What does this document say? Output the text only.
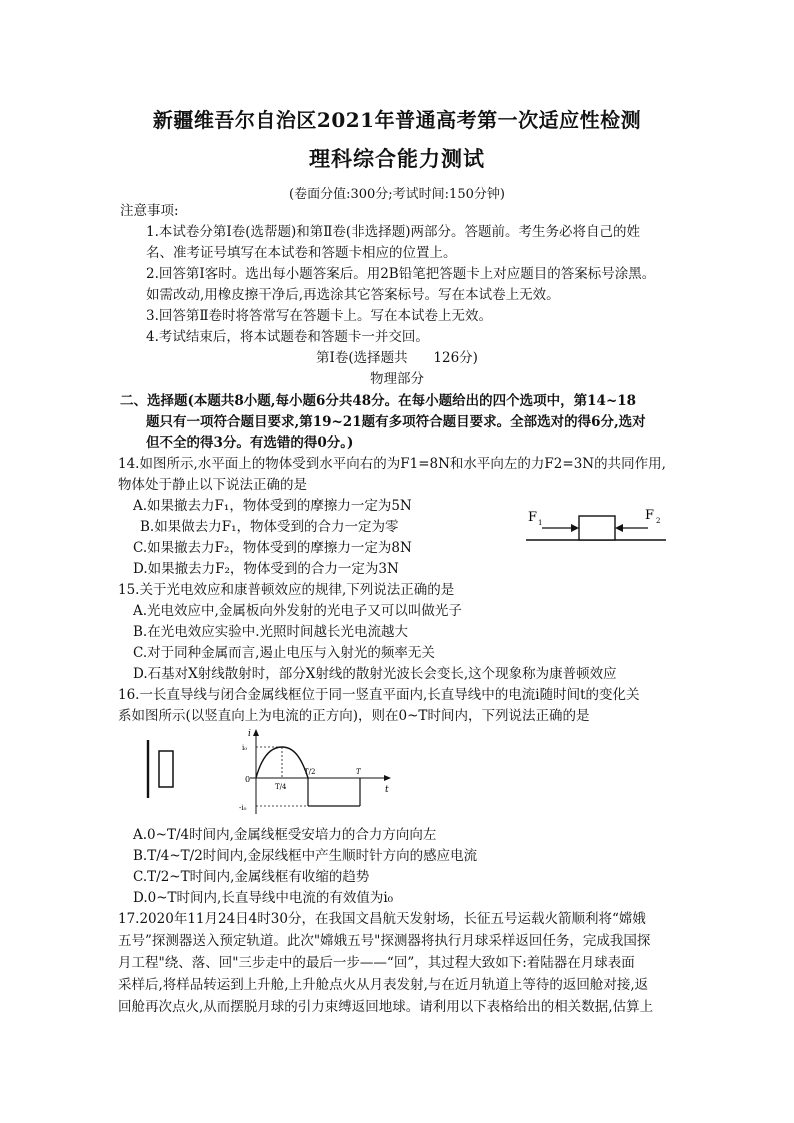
新疆维吾尔自治区2021年普通高考第一次适应性检测
理科综合能力测试
(卷面分值:300分;考试时间:150分钟)
注意事项:
1.本试卷分第Ⅰ卷(选帮题)和第Ⅱ卷(非选择题)两部分。答题前。考生务必将自己的姓
名、准考证号填写在本试卷和答题卡相应的位置上。
2.回答第Ⅰ客时。选出每小题答案后。用2B铅笔把答题卡上对应题目的答案标号涂黑。
如需改动,用橡皮擦干净后,再选涂其它答案标号。写在本试卷上无效。
3.回答第Ⅱ卷时将答常写在答题卡上。写在本试卷上无效。
4.考试结束后，将本试题卷和答题卡一并交回。
第Ⅰ卷(选择题共      126分)
物理部分
二、选择题(本题共8小题,每小题6分共48分。在每小题给出的四个选项中，第14~18
题只有一项符合题目要求,第19~21题有多项符合题目要求。全部选对的得6分,选对
但不全的得3分。有选错的得0分。)
14.如图所示,水平面上的物体受到水平向右的为F1=8N和水平向左的力F2=3N的共同作用,
物体处于静止以下说法正确的是
A.如果撤去力F₁，物体受到的摩擦力一定为5N
B.如果做去力F₁，物体受到的合力一定为零
C.如果撤去力F₂，物体受到的摩擦力一定为8N
D.如果撤去力F₂，物体受到的合力一定为3N
F 1	F 2
15.关于光电效应和康普顿效应的规律,下列说法正确的是
A.光电效应中,金属板向外发射的光电子又可以叫做光子
B.在光电效应实验中.光照时间越长光电流越大
C.对于同种金属而言,遏止电压与入射光的频率无关
D.石基对X射线散射时，部分X射线的散射光波长会变长,这个现象称为康普顿效应
16.一长直导线与闭合金属线框位于同一竖直平面内,长直导线中的电流i随时间t的变化关
系如图所示(以竖直向上为电流的正方向)，则在0~T时间内，下列说法正确的是
i
t
i₀
-i₀
0
T/4
T/2	T
A.0~T/4时间内,金属线框受安培力的合力方向向左
B.T/4~T/2时间内,金尿线框中产生顺时针方向的感应电流
C.T/2~T时间内,金属线框有收缩的趋势
D.0~T时间内,长直导线中电流的有效值为i₀
17.2020年11月24日4时30分，在我国文昌航天发射场，长征五号运载火箭顺利将“嫦娥
五号”探测器送入预定轨道。此次"嫦娥五号"探测器将执行月球采样返回任务，完成我国探
月工程"绕、落、回"三步走中的最后一步——“回”，其过程大致如下:着陆器在月球表面
采样后,将样品转运到上升舱,上升舱点火从月表发射,与在近月轨道上等待的返回舱对接,返
回舱再次点火,从而摆脱月球的引力束缚返回地球。请利用以下表格给出的相关数据,估算上
